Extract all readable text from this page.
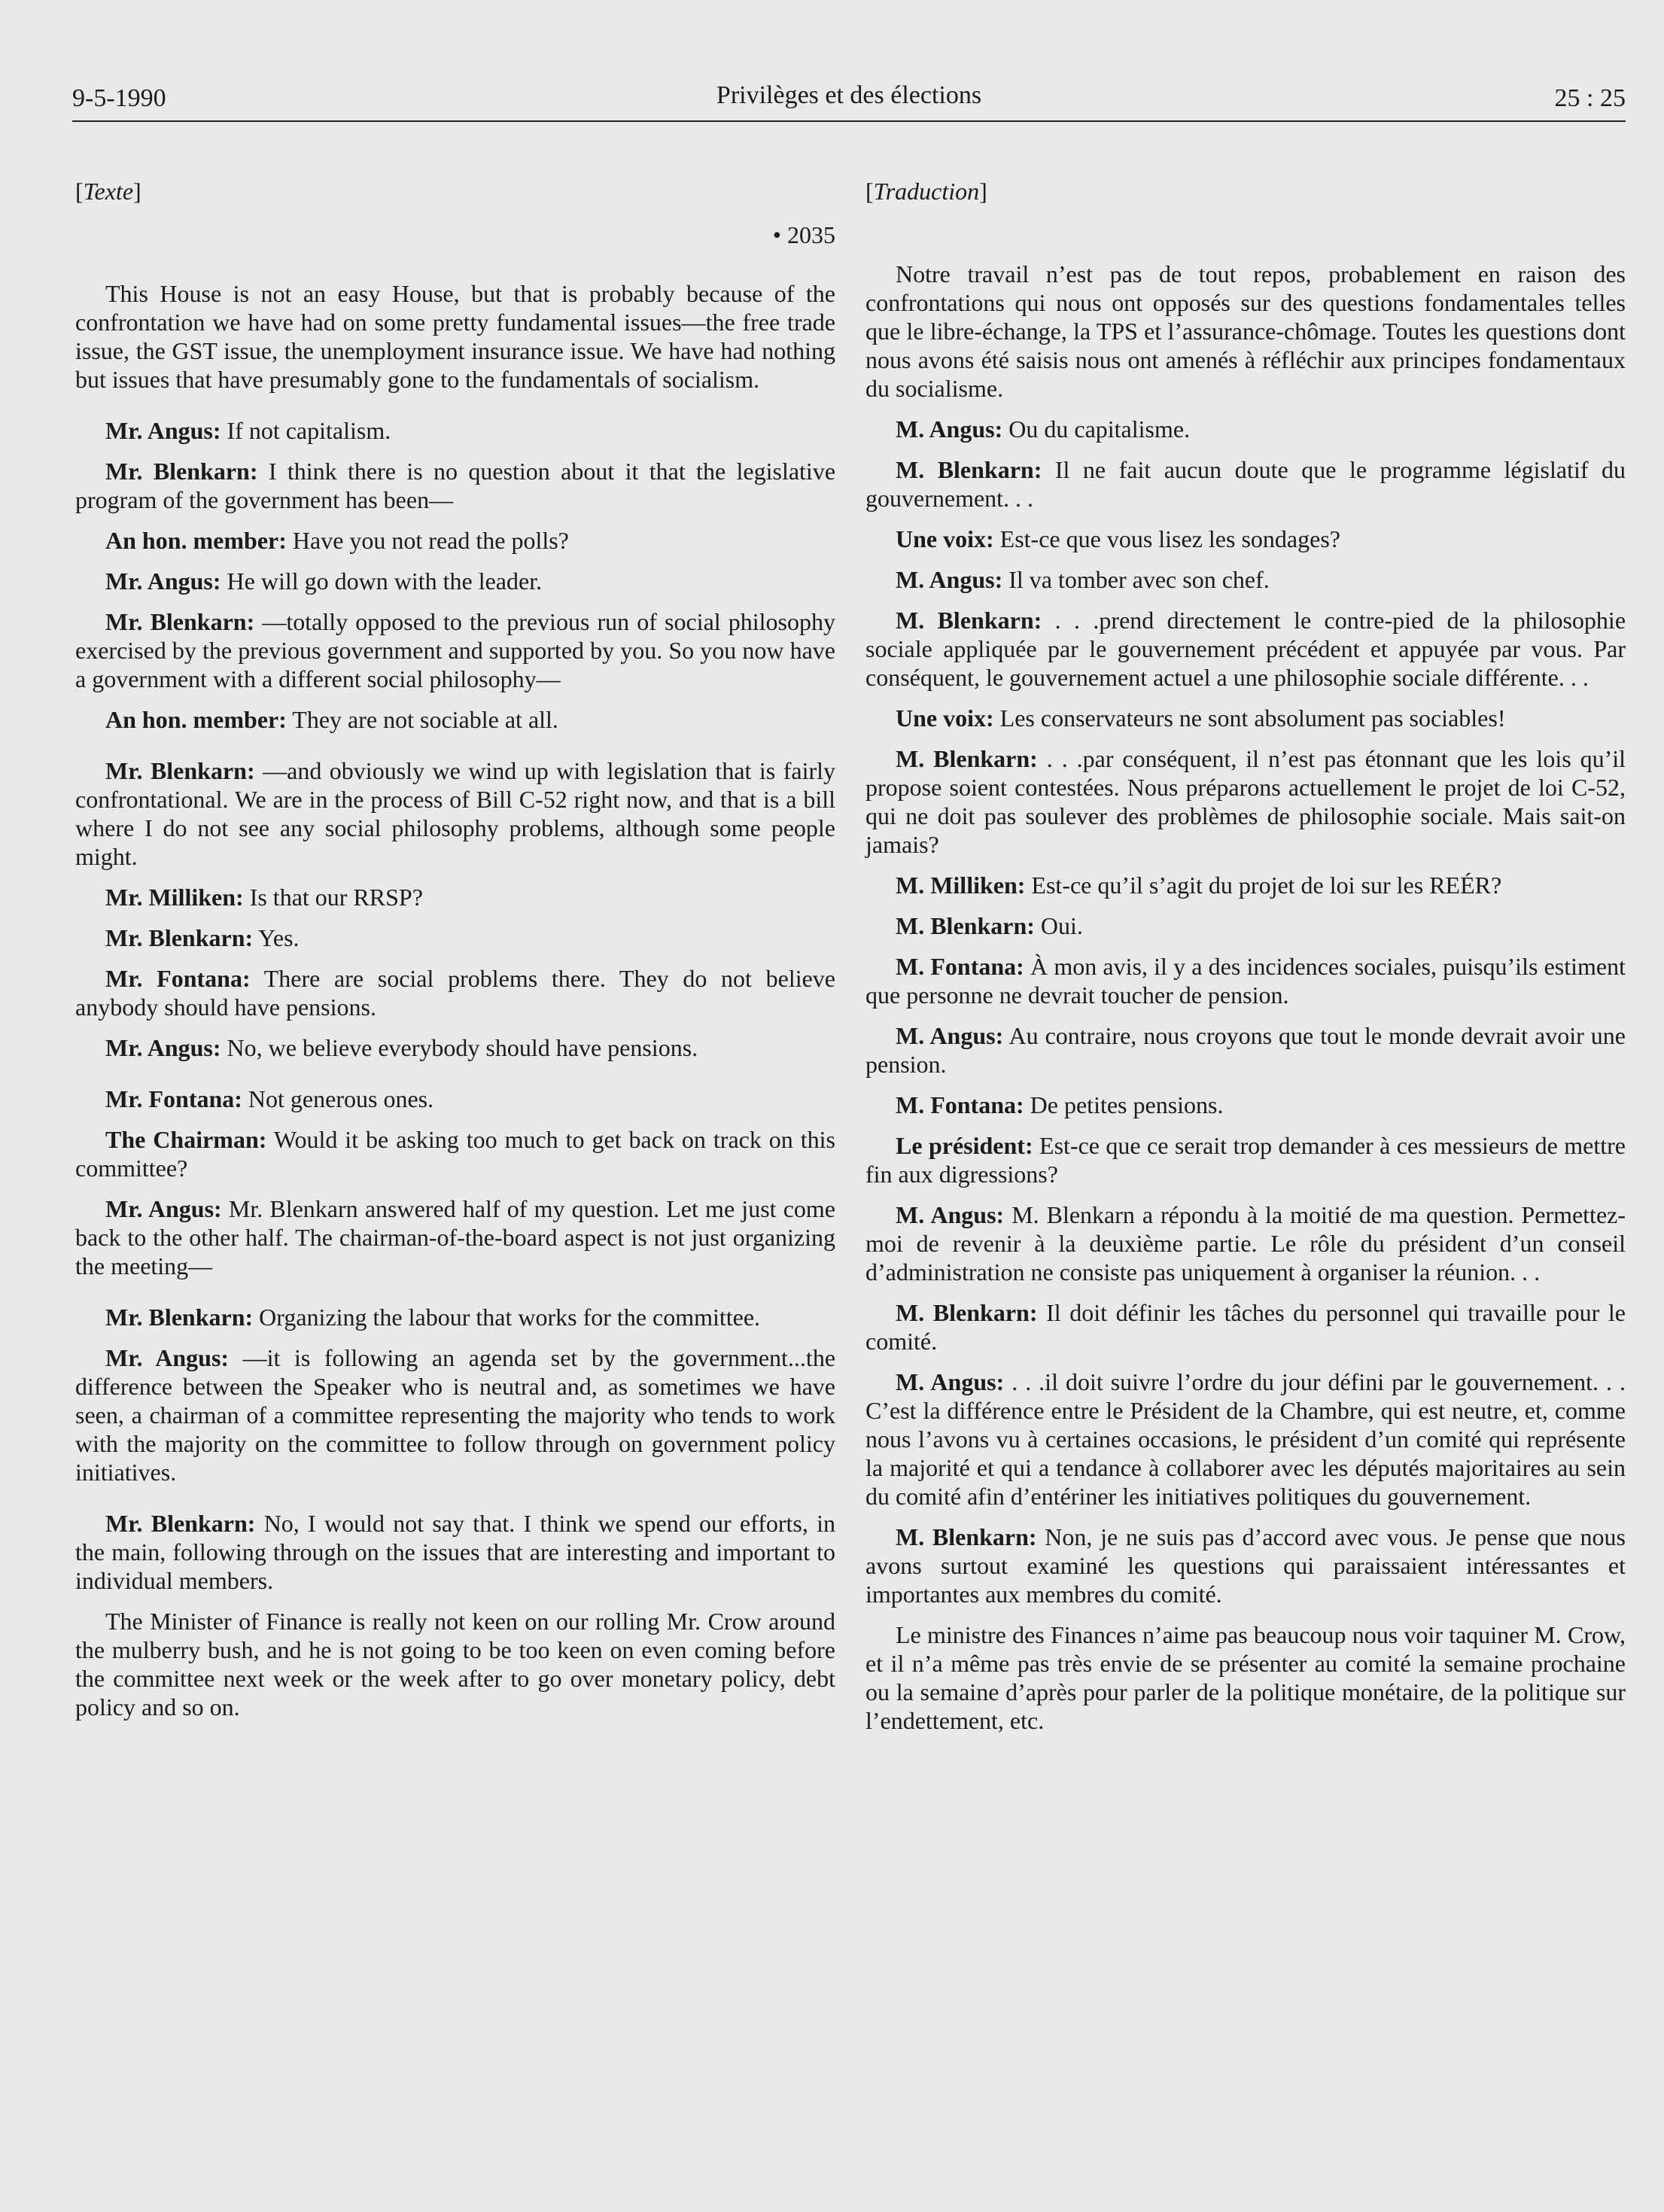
9-5-1990	Privilèges et des élections	25 : 25
[Texte]
• 2035

This House is not an easy House, but that is probably because of the confrontation we have had on some pretty fundamental issues—the free trade issue, the GST issue, the unemployment insurance issue. We have had nothing but issues that have presumably gone to the fundamentals of socialism.

Mr. Angus: If not capitalism.

Mr. Blenkarn: I think there is no question about it that the legislative program of the government has been—

An hon. member: Have you not read the polls?

Mr. Angus: He will go down with the leader.

Mr. Blenkarn: —totally opposed to the previous run of social philosophy exercised by the previous government and supported by you. So you now have a government with a different social philosophy—

An hon. member: They are not sociable at all.

Mr. Blenkarn: —and obviously we wind up with legislation that is fairly confrontational. We are in the process of Bill C-52 right now, and that is a bill where I do not see any social philosophy problems, although some people might.

Mr. Milliken: Is that our RRSP?

Mr. Blenkarn: Yes.

Mr. Fontana: There are social problems there. They do not believe anybody should have pensions.

Mr. Angus: No, we believe everybody should have pensions.

Mr. Fontana: Not generous ones.

The Chairman: Would it be asking too much to get back on track on this committee?

Mr. Angus: Mr. Blenkarn answered half of my question. Let me just come back to the other half. The chairman-of-the-board aspect is not just organizing the meeting—

Mr. Blenkarn: Organizing the labour that works for the committee.

Mr. Angus: —it is following an agenda set by the government...the difference between the Speaker who is neutral and, as sometimes we have seen, a chairman of a committee representing the majority who tends to work with the majority on the committee to follow through on government policy initiatives.

Mr. Blenkarn: No, I would not say that. I think we spend our efforts, in the main, following through on the issues that are interesting and important to individual members.

The Minister of Finance is really not keen on our rolling Mr. Crow around the mulberry bush, and he is not going to be too keen on even coming before the committee next week or the week after to go over monetary policy, debt policy and so on.

[Traduction]

Notre travail n’est pas de tout repos, probablement en raison des confrontations qui nous ont opposés sur des questions fondamentales telles que le libre-échange, la TPS et l’assurance-chômage. Toutes les questions dont nous avons été saisis nous ont amenés à réfléchir aux principes fondamentaux du socialisme.

M. Angus: Ou du capitalisme.

M. Blenkarn: Il ne fait aucun doute que le programme législatif du gouvernement. . .

Une voix: Est-ce que vous lisez les sondages?

M. Angus: Il va tomber avec son chef.

M. Blenkarn: . . .prend directement le contre-pied de la philosophie sociale appliquée par le gouvernement précédent et appuyée par vous. Par conséquent, le gouvernement actuel a une philosophie sociale différente. . .

Une voix: Les conservateurs ne sont absolument pas sociables!

M. Blenkarn: . . .par conséquent, il n’est pas étonnant que les lois qu’il propose soient contestées. Nous préparons actuellement le projet de loi C-52, qui ne doit pas soulever des problèmes de philosophie sociale. Mais sait-on jamais?

M. Milliken: Est-ce qu’il s’agit du projet de loi sur les REÉR?

M. Blenkarn: Oui.

M. Fontana: À mon avis, il y a des incidences sociales, puisqu’ils estiment que personne ne devrait toucher de pension.

M. Angus: Au contraire, nous croyons que tout le monde devrait avoir une pension.

M. Fontana: De petites pensions.

Le président: Est-ce que ce serait trop demander à ces messieurs de mettre fin aux digressions?

M. Angus: M. Blenkarn a répondu à la moitié de ma question. Permettez-moi de revenir à la deuxième partie. Le rôle du président d’un conseil d’administration ne consiste pas uniquement à organiser la réunion. . .

M. Blenkarn: Il doit définir les tâches du personnel qui travaille pour le comité.

M. Angus: . . .il doit suivre l’ordre du jour défini par le gouvernement. . . C’est la différence entre le Président de la Chambre, qui est neutre, et, comme nous l’avons vu à certaines occasions, le président d’un comité qui représente la majorité et qui a tendance à collaborer avec les députés majoritaires au sein du comité afin d’entériner les initiatives politiques du gouvernement.

M. Blenkarn: Non, je ne suis pas d’accord avec vous. Je pense que nous avons surtout examiné les questions qui paraissaient intéressantes et importantes aux membres du comité.

Le ministre des Finances n’aime pas beaucoup nous voir taquiner M. Crow, et il n’a même pas très envie de se présenter au comité la semaine prochaine ou la semaine d’après pour parler de la politique monétaire, de la politique sur l’endettement, etc.
